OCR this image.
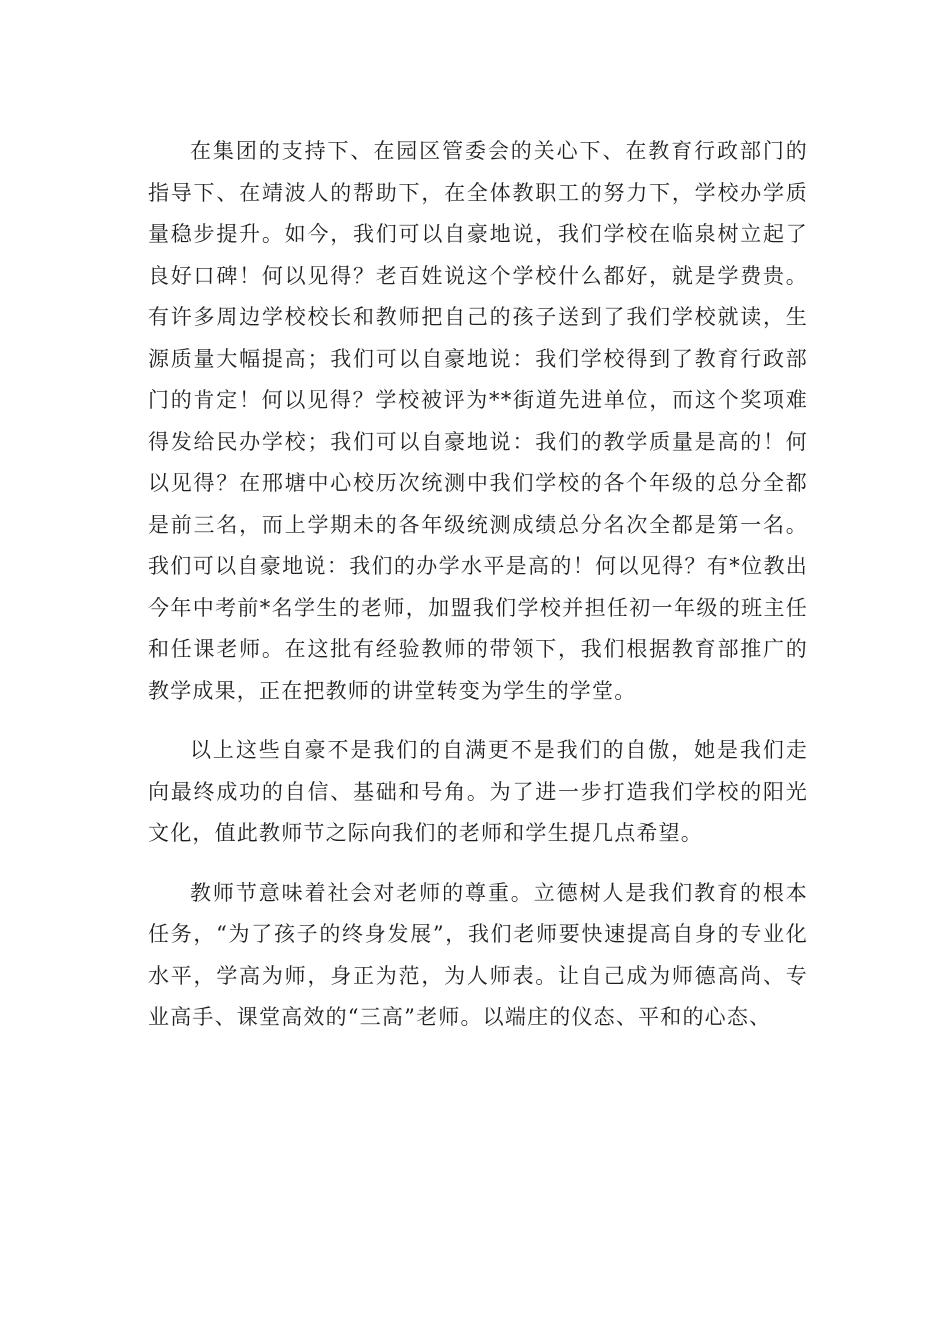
在集团的支持下、在园区管委会的关心下、在教育行政部门的指导下、在靖波人的帮助下，在全体教职工的努力下，学校办学质量稳步提升。如今，我们可以自豪地说，我们学校在临泉树立起了良好口碑！何以见得？老百姓说这个学校什么都好，就是学费贵。有许多周边学校校长和教师把自己的孩子送到了我们学校就读，生源质量大幅提高；我们可以自豪地说：我们学校得到了教育行政部门的肯定！何以见得？学校被评为**街道先进单位，而这个奖项难得发给民办学校；我们可以自豪地说：我们的教学质量是高的！何以见得？在邢塘中心校历次统测中我们学校的各个年级的总分全都是前三名，而上学期未的各年级统测成绩总分名次全都是第一名。我们可以自豪地说：我们的办学水平是高的！何以见得？有*位教出今年中考前*名学生的老师，加盟我们学校并担任初一年级的班主任和任课老师。在这批有经验教师的带领下，我们根据教育部推广的教学成果，正在把教师的讲堂转变为学生的学堂。

以上这些自豪不是我们的自满更不是我们的自傲，她是我们走向最终成功的自信、基础和号角。为了进一步打造我们学校的阳光文化，值此教师节之际向我们的老师和学生提几点希望。

教师节意味着社会对老师的尊重。立德树人是我们教育的根本任务，“为了孩子的终身发展”，我们老师要快速提高自身的专业化水平，学高为师，身正为范，为人师表。让自己成为师德高尚、专业高手、课堂高效的“三高”老师。以端庄的仪态、平和的心态、
